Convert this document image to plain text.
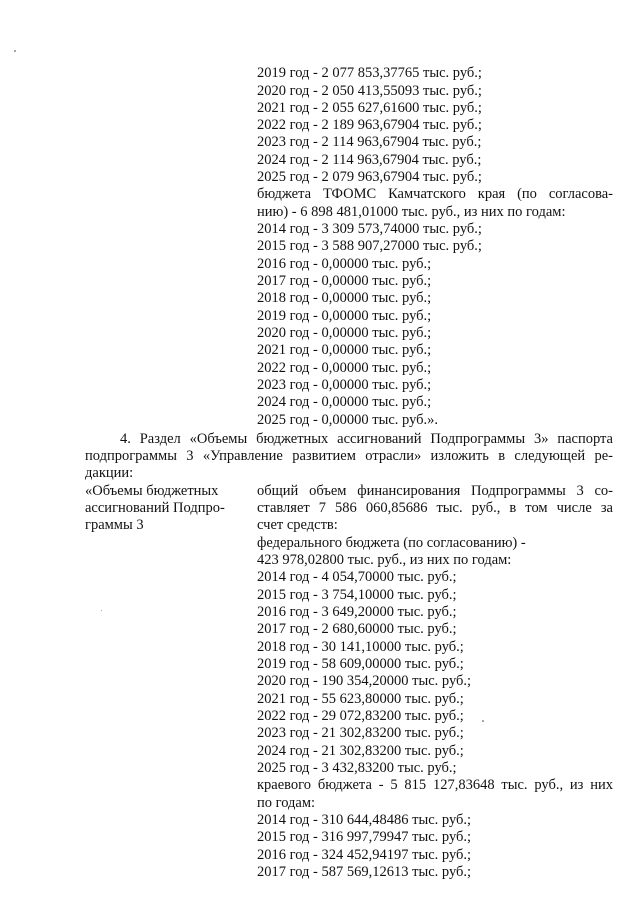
2019 год - 2 077 853,37765 тыс. руб.;
2020 год - 2 050 413,55093 тыс. руб.;
2021 год - 2 055 627,61600 тыс. руб.;
2022 год - 2 189 963,67904 тыс. руб.;
2023 год - 2 114 963,67904 тыс. руб.;
2024 год - 2 114 963,67904 тыс. руб.;
2025 год - 2 079 963,67904 тыс. руб.;
бюджета ТФОМС Камчатского края (по согласова-
нию) - 6 898 481,01000 тыс. руб., из них по годам:
2014 год - 3 309 573,74000 тыс. руб.;
2015 год - 3 588 907,27000 тыс. руб.;
2016 год - 0,00000 тыс. руб.;
2017 год - 0,00000 тыс. руб.;
2018 год - 0,00000 тыс. руб.;
2019 год - 0,00000 тыс. руб.;
2020 год - 0,00000 тыс. руб.;
2021 год - 0,00000 тыс. руб.;
2022 год - 0,00000 тыс. руб.;
2023 год - 0,00000 тыс. руб.;
2024 год - 0,00000 тыс. руб.;
2025 год - 0,00000 тыс. руб.».
4. Раздел «Объемы бюджетных ассигнований Подпрограммы 3» паспорта
подпрограммы 3 «Управление развитием отрасли» изложить в следующей ре-
дакции:
«Объемы бюджетных
ассигнований Подпро-
граммы 3
общий объем финансирования Подпрограммы 3 со-
ставляет 7 586 060,85686 тыс. руб., в том числе за
счет средств:
федерального бюджета (по согласованию) -
423 978,02800 тыс. руб., из них по годам:
2014 год - 4 054,70000 тыс. руб.;
2015 год - 3 754,10000 тыс. руб.;
2016 год - 3 649,20000 тыс. руб.;
2017 год - 2 680,60000 тыс. руб.;
2018 год - 30 141,10000 тыс. руб.;
2019 год - 58 609,00000 тыс. руб.;
2020 год - 190 354,20000 тыс. руб.;
2021 год - 55 623,80000 тыс. руб.;
2022 год - 29 072,83200 тыс. руб.;
2023 год - 21 302,83200 тыс. руб.;
2024 год - 21 302,83200 тыс. руб.;
2025 год - 3 432,83200 тыс. руб.;
краевого бюджета - 5 815 127,83648 тыс. руб., из них
по годам:
2014 год - 310 644,48486 тыс. руб.;
2015 год - 316 997,79947 тыс. руб.;
2016 год - 324 452,94197 тыс. руб.;
2017 год - 587 569,12613 тыс. руб.;
